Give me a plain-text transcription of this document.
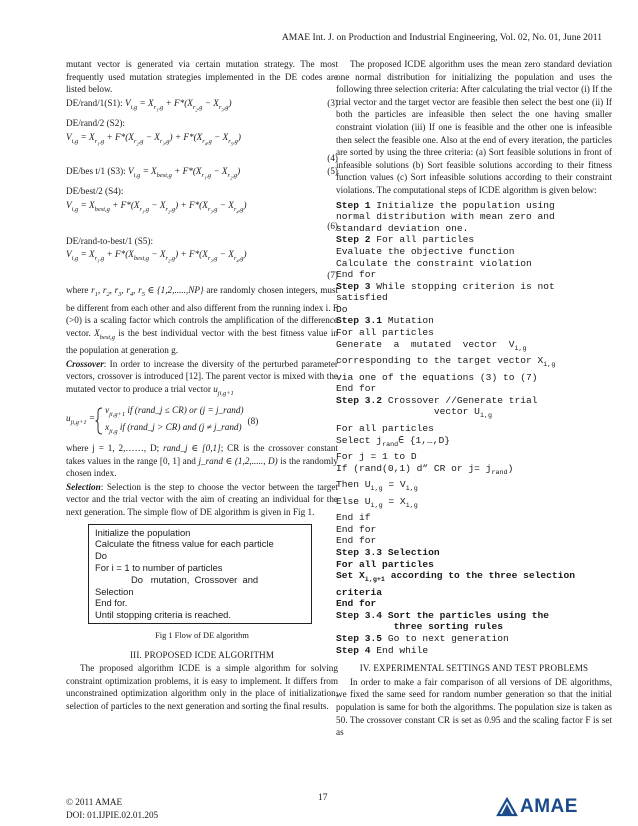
AMAE Int. J. on Production and Industrial Engineering, Vol. 02, No. 01, June 2011

mutant vector is generated via certain mutation strategy. The most frequently used mutation strategies implemented in the DE codes are listed below.

DE/rand/1(S1): $V_{i,g} = X_{r_1,g} + F*(X_{r_2,g} - X_{r_3,g})$	(3)

DE/rand/2 (S2):

$V_{i,g} = X_{r_1,g} + F*(X_{r_2,g} - X_{r_3,g}) + F*(X_{r_4,g} - X_{r_5,g})$

(4)

DE/bes t/1 (S3): $V_{i,g} = X_{best,g} + F*(X_{r_1,g} - X_{r_2,g})$	(5)

DE/best/2 (S4):

$V_{i,g} = X_{best,g} + F*(X_{r_1,g} - X_{r_2,g}) + F*(X_{r_3,g} - X_{r_4,g})$

(6)

DE/rand-to-best/1 (S5):

$V_{i,g} = X_{r_1,g} + F*(X_{best,g} - X_{r_2,g}) + F*(X_{r_3,g} - X_{r_4,g})$

(7)

where $r_1$, $r_2$, $r_3$, $r_4$, $r_5$ ∈ {1,2,.....,NP} are randomly chosen integers, must be different from each other and also different from the running index i. F (>0) is a scaling factor which controls the amplification of the difference vector. $X_{best,g}$ is the best individual vector with the best fitness value in the population at generation g.

Crossover: In order to increase the diversity of the perturbed parameter vectors, crossover is introduced [12]. The parent vector is mixed with the mutated vector to produce a trial vector $u_{ji,g+1}$

$u_{ji,g+1}$ =
$v_{ji,g+1}$ if (rand_j ≤ CR) or (j = j_rand)
$x_{ji,g}$ if (rand_j > CR) and (j ≠ j_rand)
(8)

where j = 1, 2,……, D; rand_j ∈ [0,1]; CR is the crossover constant takes values in the range [0, 1] and j_rand ∈ (1,2,....., D) is the randomly chosen index.

Selection: Selection is the step to choose the vector between the target vector and the trial vector with the aim of creating an individual for the next generation. The simple flow of DE algorithm is given in Fig 1.

Initialize the population
Calculate the fitness value for each particle
Do
For i = 1 to number of particles
Do   mutation,  Crossover  and
Selection
End for.
Until stopping criteria is reached.

Fig 1 Flow of DE algorithm

III. PROPOSED ICDE ALGORITHM

The proposed algorithm ICDE is a simple algorithm for solving constraint optimization problems, it is easy to implement. It differs from unconstrained optimization algorithm only in the place of initialization, selection of particles to the next generation and sorting the final results.

The proposed ICDE algorithm uses the mean zero standard deviation one normal distribution for initializing the population and uses the following three selection criteria: After calculating the trial vector (i) If the trial vector and the target vector are feasible then select the best one (ii) If both the particles are infeasible then select the one having smaller constraint violation (iii) If one is feasible and the other one is infeasible then select the feasible one. Also at the end of every iteration, the particles are sorted by using the three criteria: (a) Sort feasible solutions in front of infeasible solutions (b) Sort feasible solutions according to their fitness function values (c) Sort infeasible solutions according to their constraint violations. The computational steps of ICDE algorithm is given below:

Step 1 Initialize the population using
normal distribution with mean zero and
standard deviation one.
Step 2 For all particles
Evaluate the objective function
Calculate the constraint violation
End for
Step 3 While stopping criterion is not
satisfied
Do
Step 3.1 Mutation
For all particles
Generate  a  mutated  vector  $V_{i,g}$
corresponding to the target vector $X_{i,g}$
via one of the equations (3) to (7)
End for
Step 3.2 Crossover //Generate trial
vector $U_{i,g}$
For all particles
Select $j_{rand}\in$ {1,…,D}
For j = 1 to D
If (rand(0,1) d” CR or $j= j_{rand}$)
Then $U_{i,g} = V_{i,g}$
Else $U_{i,g} = X_{i,g}$
End if
End for
End for
Step 3.3 Selection
For all particles
Set $X_{i,g+1}$ according to the three selection
criteria
End for
Step 3.4 Sort the particles using the
three sorting rules
Step 3.5 Go to next generation
Step 4 End while

IV. EXPERIMENTAL SETTINGS AND TEST PROBLEMS

In order to make a fair comparison of all versions of DE algorithms, we fixed the same seed for random number generation so that the initial population is same for both the algorithms. The population size is taken as 50. The crossover constant CR is set as 0.95 and the scaling factor F is set as

17
© 2011 AMAE
DOI: 01.IJPIE.02.01.205	AMAE
